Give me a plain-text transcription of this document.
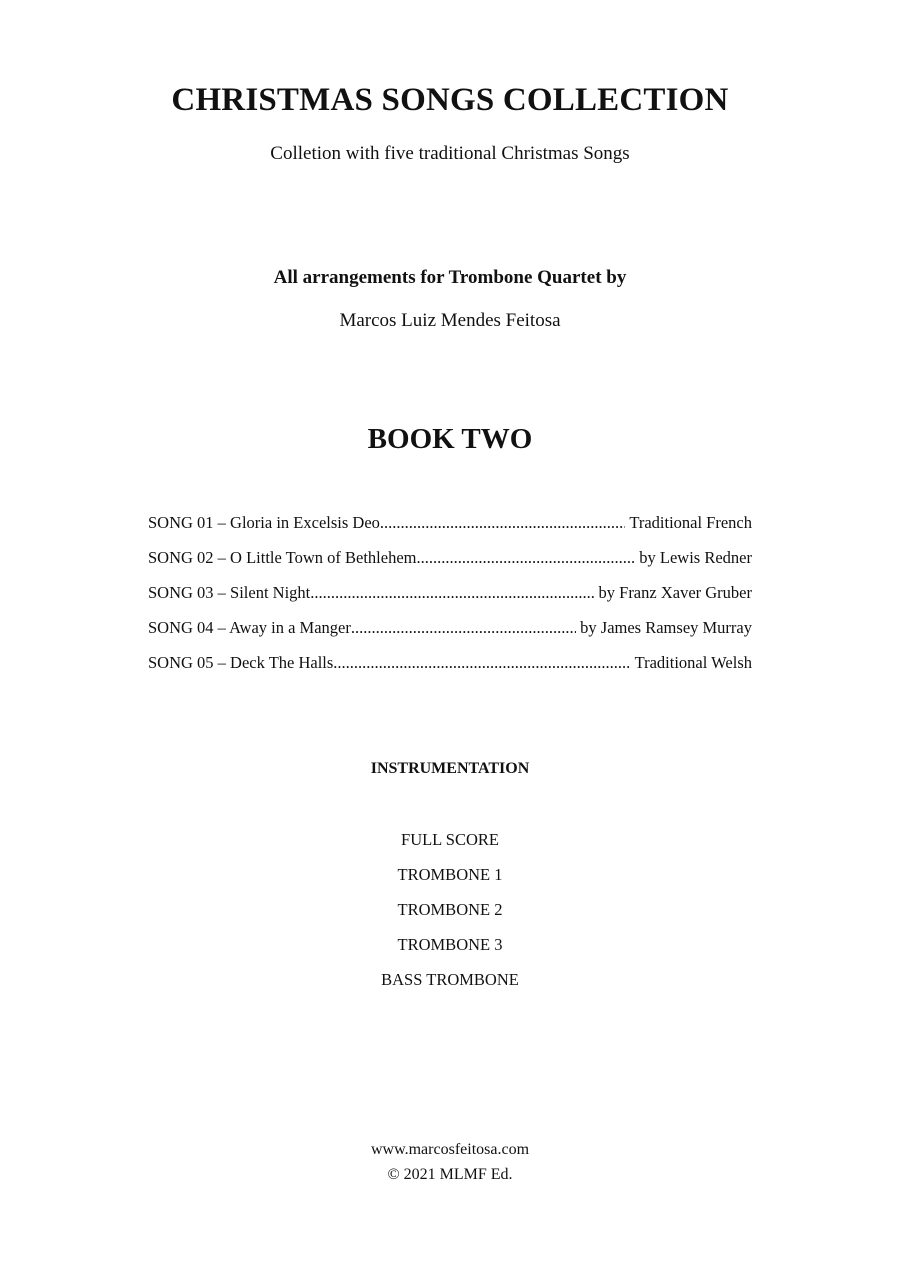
CHRISTMAS SONGS COLLECTION
Colletion with five traditional Christmas Songs
All arrangements for Trombone Quartet by
Marcos Luiz Mendes Feitosa
BOOK TWO
SONG 01 – Gloria in Excelsis Deo .....	Traditional French
SONG 02 – O Little Town of Bethlehem .....	by Lewis Redner
SONG 03 – Silent Night .....	by Franz Xaver Gruber
SONG 04 – Away in a Manger .....	by James Ramsey Murray
SONG 05 – Deck The Halls .....	Traditional Welsh
INSTRUMENTATION
FULL SCORE
TROMBONE 1
TROMBONE 2
TROMBONE 3
BASS TROMBONE
www.marcosfeitosa.com
© 2021 MLMF Ed.
